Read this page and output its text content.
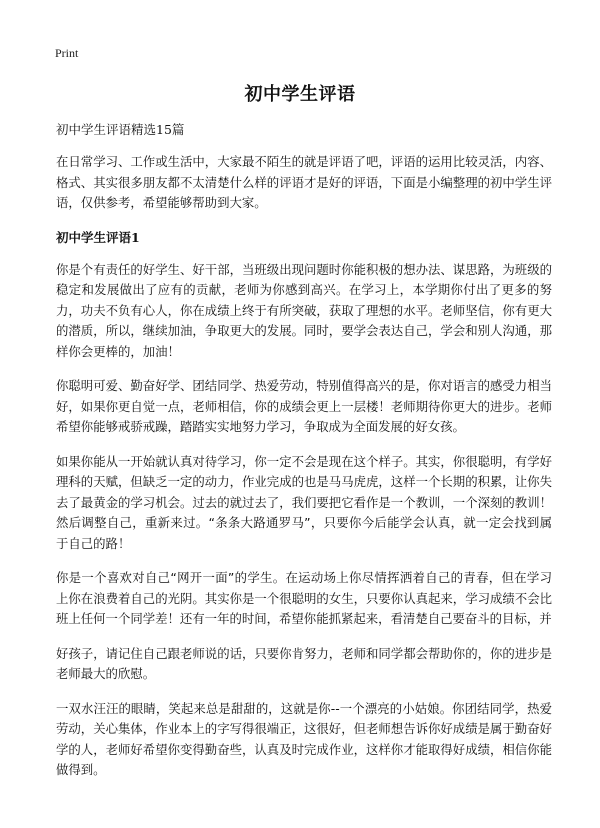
Print
初中学生评语

初中学生评语精选15篇

在日常学习、工作或生活中，大家最不陌生的就是评语了吧，评语的运用比较灵活，内容、格式、其实很多朋友都不太清楚什么样的评语才是好的评语，下面是小编整理的初中学生评语，仅供参考，希望能够帮助到大家。

初中学生评语1

你是个有责任的好学生、好干部，当班级出现问题时你能积极的想办法、谋思路，为班级的稳定和发展做出了应有的贡献，老师为你感到高兴。在学习上，本学期你付出了更多的努力，功夫不负有心人，你在成绩上终于有所突破，获取了理想的水平。老师坚信，你有更大的潜质，所以，继续加油，争取更大的发展。同时，要学会表达自己，学会和别人沟通，那样你会更棒的，加油！

你聪明可爱、勤奋好学、团结同学、热爱劳动，特别值得高兴的是，你对语言的感受力相当好，如果你更自觉一点，老师相信，你的成绩会更上一层楼！老师期待你更大的进步。老师希望你能够戒骄戒躁，踏踏实实地努力学习，争取成为全面发展的好女孩。

如果你能从一开始就认真对待学习，你一定不会是现在这个样子。其实，你很聪明，有学好理科的天赋，但缺乏一定的动力，作业完成的也是马马虎虎，这样一个长期的积累，让你失去了最黄金的学习机会。过去的就过去了，我们要把它看作是一个教训，一个深刻的教训！然后调整自己，重新来过。“条条大路通罗马”，只要你今后能学会认真，就一定会找到属于自己的路！

你是一个喜欢对自己“网开一面”的学生。在运动场上你尽情挥洒着自己的青春，但在学习上你在浪费着自己的光阴。其实你是一个很聪明的女生，只要你认真起来，学习成绩不会比班上任何一个同学差！还有一年的时间，希望你能抓紧起来，看清楚自己要奋斗的目标，并

好孩子，请记住自己跟老师说的话，只要你肯努力，老师和同学都会帮助你的，你的进步是老师最大的欣慰。

一双水汪汪的眼睛，笑起来总是甜甜的，这就是你--一个漂亮的小姑娘。你团结同学，热爱劳动，关心集体，作业本上的字写得很端正，这很好，但老师想告诉你好成绩是属于勤奋好学的人，老师好希望你变得勤奋些，认真及时完成作业，这样你才能取得好成绩，相信你能做得到。
